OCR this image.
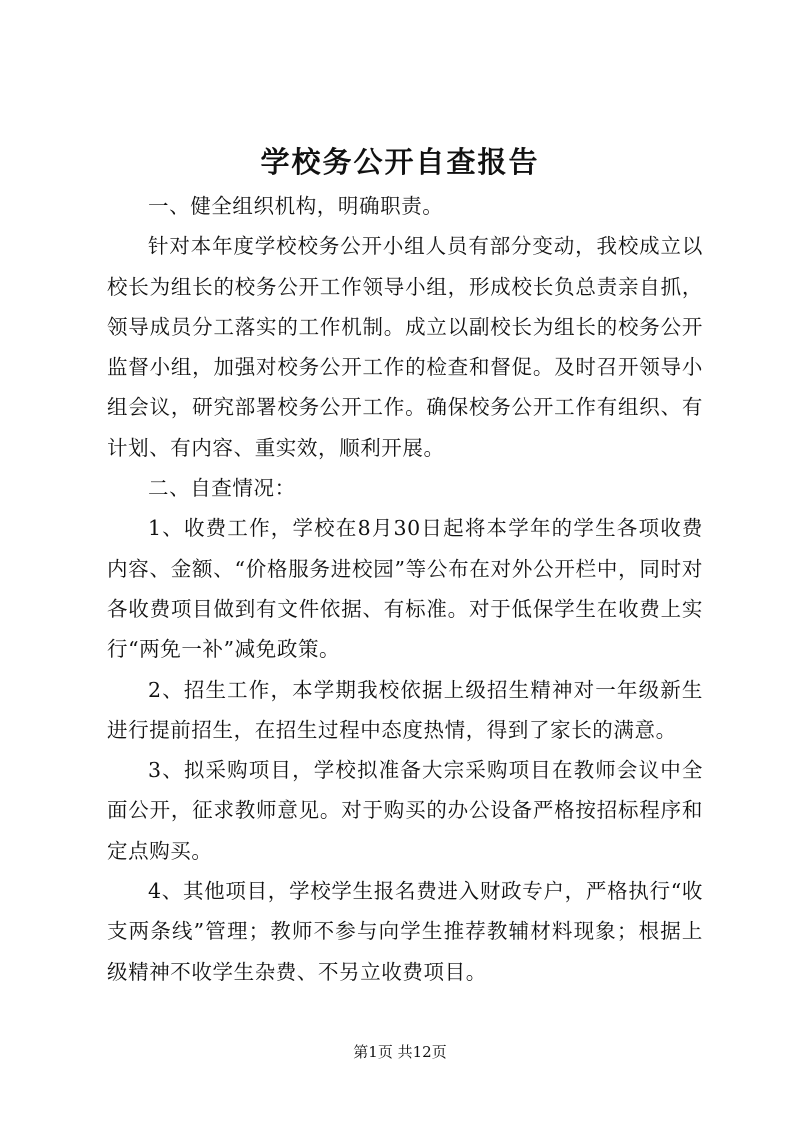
学校务公开自查报告

一、健全组织机构，明确职责。

针对本年度学校校务公开小组人员有部分变动，我校成立以校长为组长的校务公开工作领导小组，形成校长负总责亲自抓，领导成员分工落实的工作机制。成立以副校长为组长的校务公开监督小组，加强对校务公开工作的检查和督促。及时召开领导小组会议，研究部署校务公开工作。确保校务公开工作有组织、有计划、有内容、重实效，顺利开展。

二、自查情况：

1、收费工作，学校在8月30日起将本学年的学生各项收费内容、金额、“价格服务进校园”等公布在对外公开栏中，同时对各收费项目做到有文件依据、有标准。对于低保学生在收费上实行“两免一补”减免政策。

2、招生工作，本学期我校依据上级招生精神对一年级新生进行提前招生，在招生过程中态度热情，得到了家长的满意。

3、拟采购项目，学校拟准备大宗采购项目在教师会议中全面公开，征求教师意见。对于购买的办公设备严格按招标程序和定点购买。

4、其他项目，学校学生报名费进入财政专户，严格执行“收支两条线”管理；教师不参与向学生推荐教辅材料现象；根据上级精神不收学生杂费、不另立收费项目。

第1页 共12页
